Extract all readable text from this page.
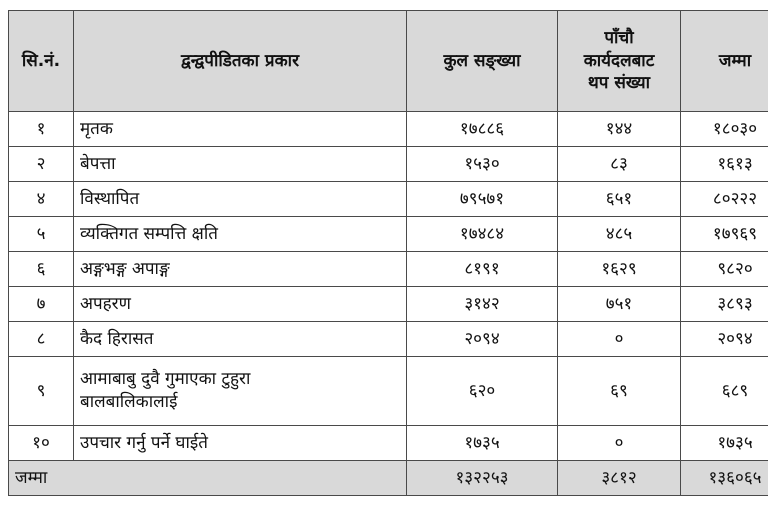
सि.नं.	द्वन्द्वपीडितका प्रकार	कुल सङ्ख्या	पाँचौ
कार्यदलबाट
थप संख्या	जम्मा
१	मृतक	१७८८६	१४४	१८०३०
२	बेपत्ता	१५३०	८३	१६१३
४	विस्थापित	७९५७१	६५१	८०२२२
५	व्यक्तिगत सम्पत्ति क्षति	१७४८४	४८५	१७९६९
६	अङ्गभङ्ग अपाङ्ग	८१९१	१६२९	९८२०
७	अपहरण	३१४२	७५१	३८९३
८	कैद हिरासत	२०९४	०	२०९४
९	आमाबाबु दुवै गुमाएका टुहुरा
बालबालिकालाई	६२०	६९	६८९
१०	उपचार गर्नु पर्ने घाईते	१७३५	०	१७३५
जम्मा		१३२२५३	३८१२	१३६०६५
